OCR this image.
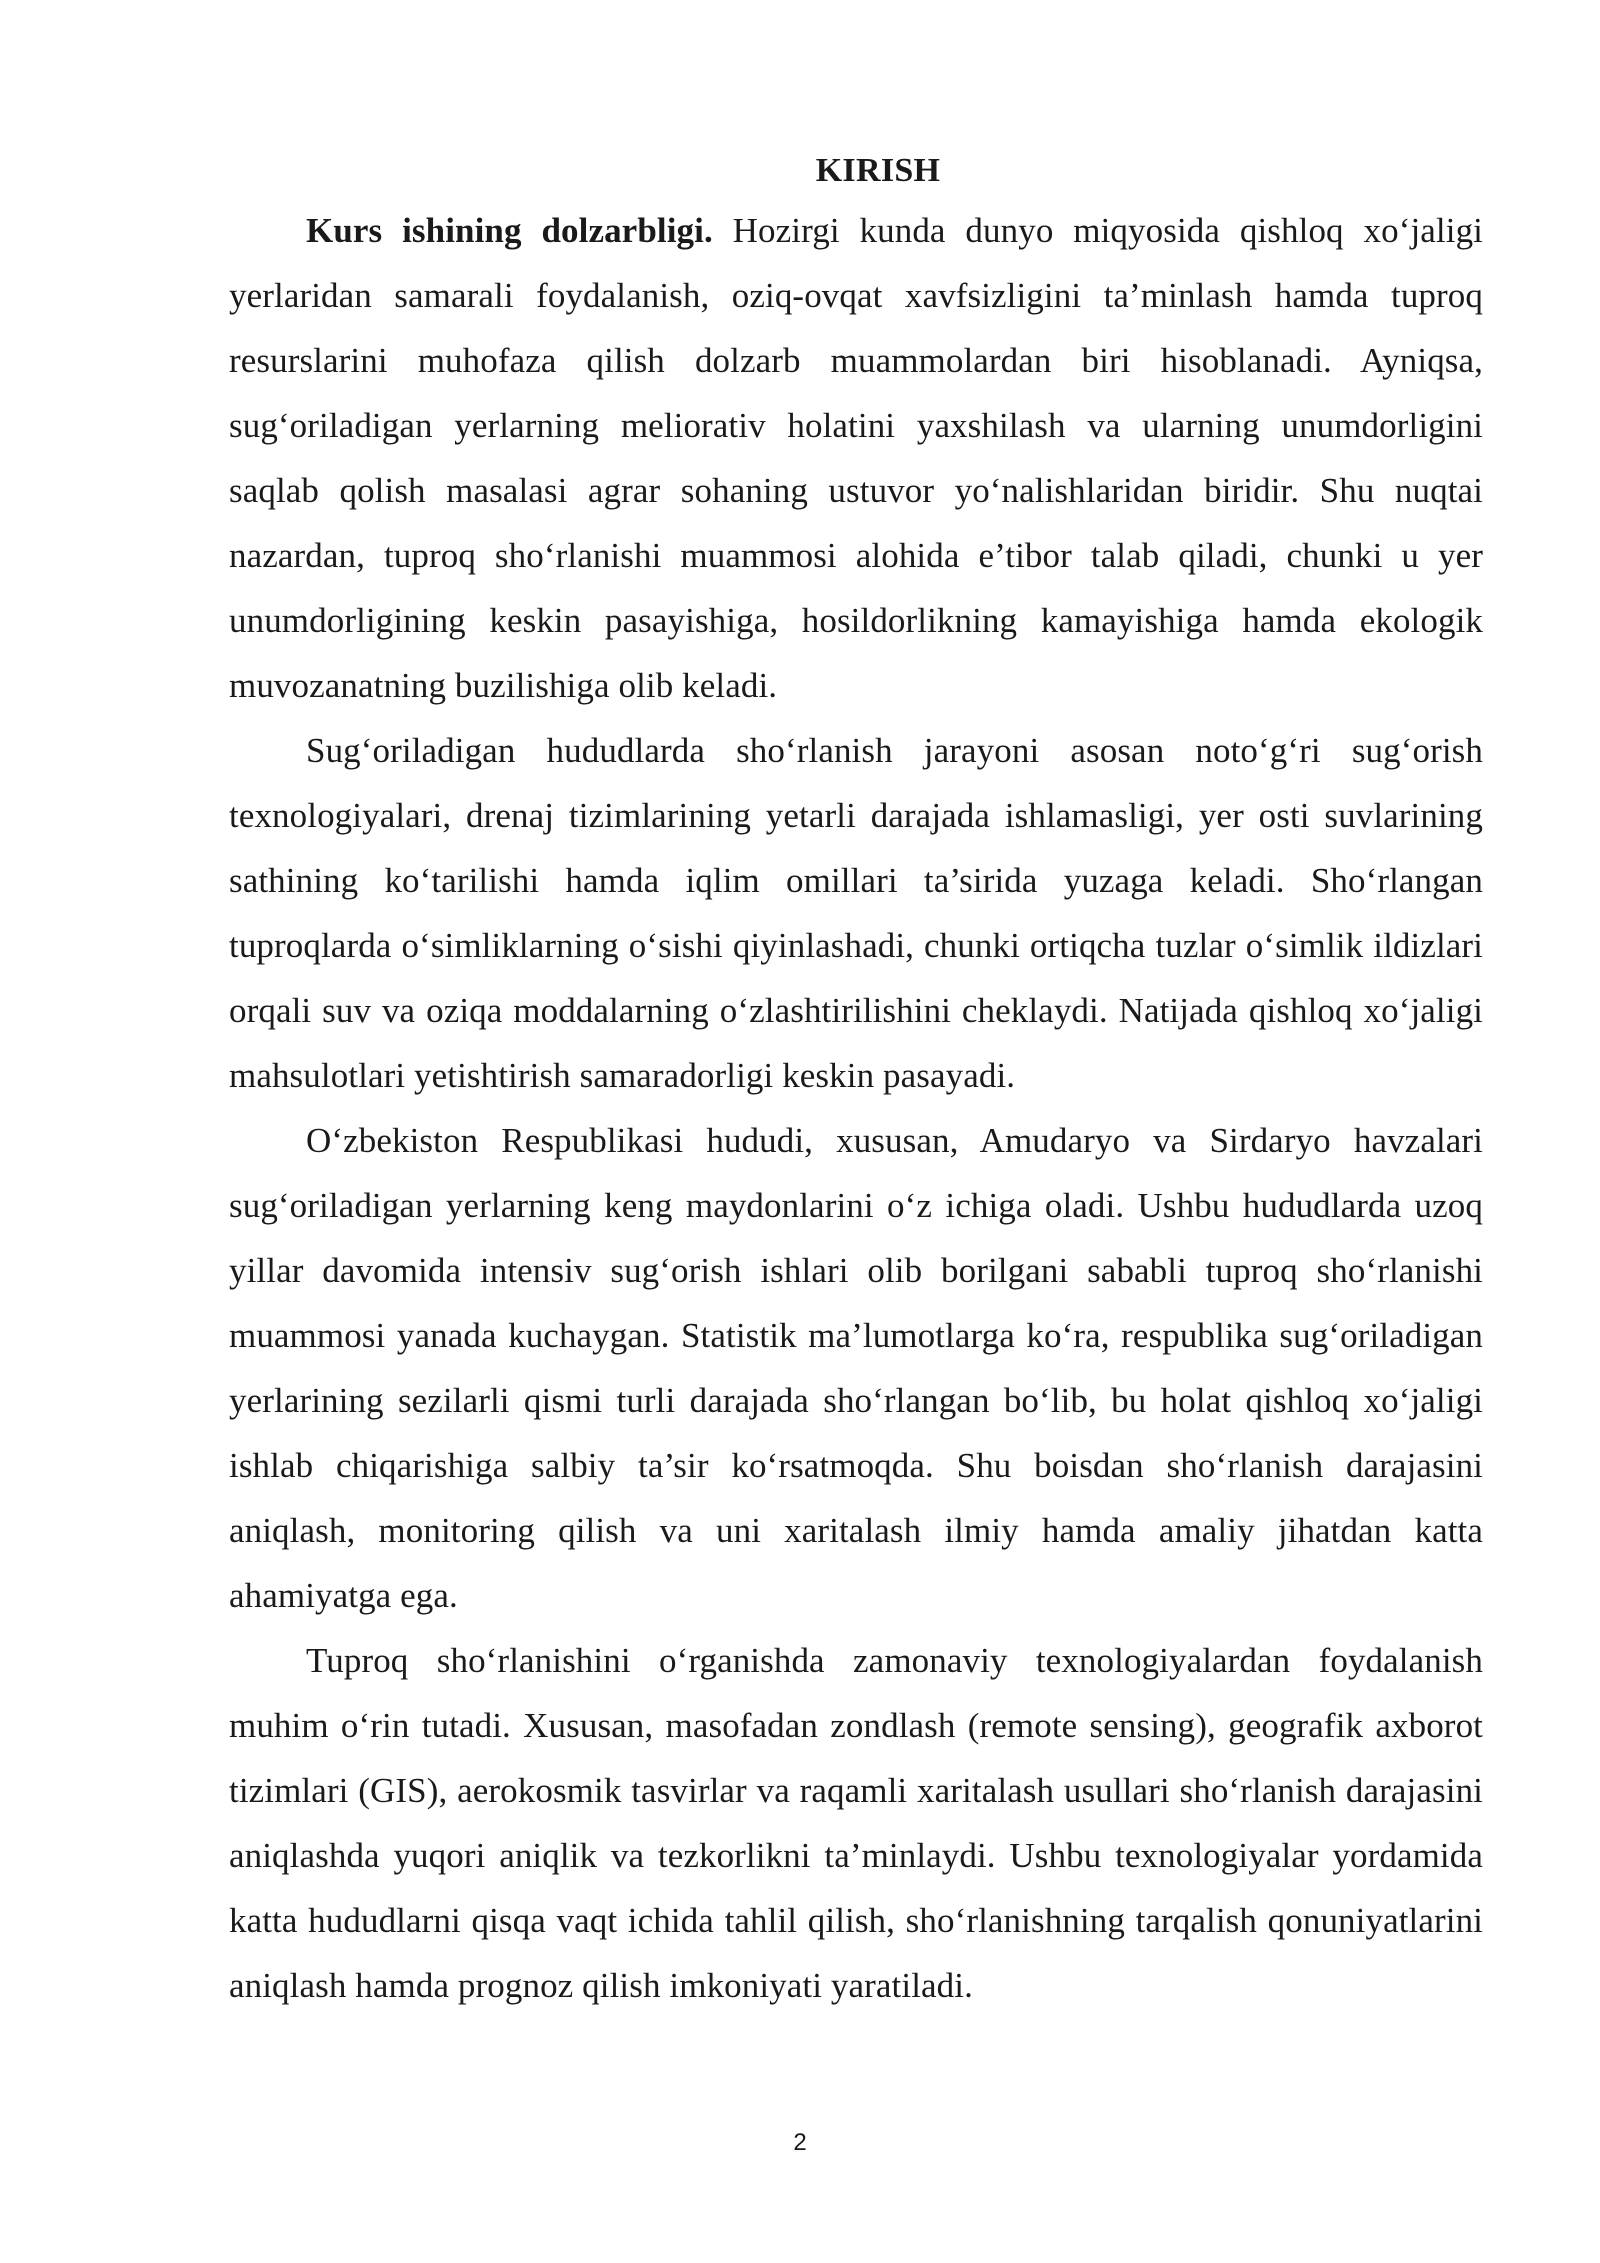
KIRISH

Kurs ishining dolzarbligi. Hozirgi kunda dunyo miqyosida qishloq xo‘jaligi yerlaridan samarali foydalanish, oziq-ovqat xavfsizligini ta’minlash hamda tuproq resurslarini muhofaza qilish dolzarb muammolardan biri hisoblanadi. Ayniqsa, sug‘oriladigan yerlarning meliorativ holatini yaxshilash va ularning unumdorligini saqlab qolish masalasi agrar sohaning ustuvor yo‘nalishlaridan biridir. Shu nuqtai nazardan, tuproq sho‘rlanishi muammosi alohida e’tibor talab qiladi, chunki u yer unumdorligining keskin pasayishiga, hosildorlikning kamayishiga hamda ekologik muvozanatning buzilishiga olib keladi.

Sug‘oriladigan hududlarda sho‘rlanish jarayoni asosan noto‘g‘ri sug‘orish texnologiyalari, drenaj tizimlarining yetarli darajada ishlamasligi, yer osti suvlarining sathining ko‘tarilishi hamda iqlim omillari ta’sirida yuzaga keladi. Sho‘rlangan tuproqlarda o‘simliklarning o‘sishi qiyinlashadi, chunki ortiqcha tuzlar o‘simlik ildizlari orqali suv va oziqa moddalarning o‘zlashtirilishini cheklaydi. Natijada qishloq xo‘jaligi mahsulotlari yetishtirish samaradorligi keskin pasayadi.

O‘zbekiston Respublikasi hududi, xususan, Amudaryo va Sirdaryo havzalari sug‘oriladigan yerlarning keng maydonlarini o‘z ichiga oladi. Ushbu hududlarda uzoq yillar davomida intensiv sug‘orish ishlari olib borilgani sababli tuproq sho‘rlanishi muammosi yanada kuchaygan. Statistik ma’lumotlarga ko‘ra, respublika sug‘oriladigan yerlarining sezilarli qismi turli darajada sho‘rlangan bo‘lib, bu holat qishloq xo‘jaligi ishlab chiqarishiga salbiy ta’sir ko‘rsatmoqda. Shu boisdan sho‘rlanish darajasini aniqlash, monitoring qilish va uni xaritalash ilmiy hamda amaliy jihatdan katta ahamiyatga ega.

Tuproq sho‘rlanishini o‘rganishda zamonaviy texnologiyalardan foydalanish muhim o‘rin tutadi. Xususan, masofadan zondlash (remote sensing), geografik axborot tizimlari (GIS), aerokosmik tasvirlar va raqamli xaritalash usullari sho‘rlanish darajasini aniqlashda yuqori aniqlik va tezkorlikni ta’minlaydi. Ushbu texnologiyalar yordamida katta hududlarni qisqa vaqt ichida tahlil qilish, sho‘rlanishning tarqalish qonuniyatlarini aniqlash hamda prognoz qilish imkoniyati yaratiladi.

2
